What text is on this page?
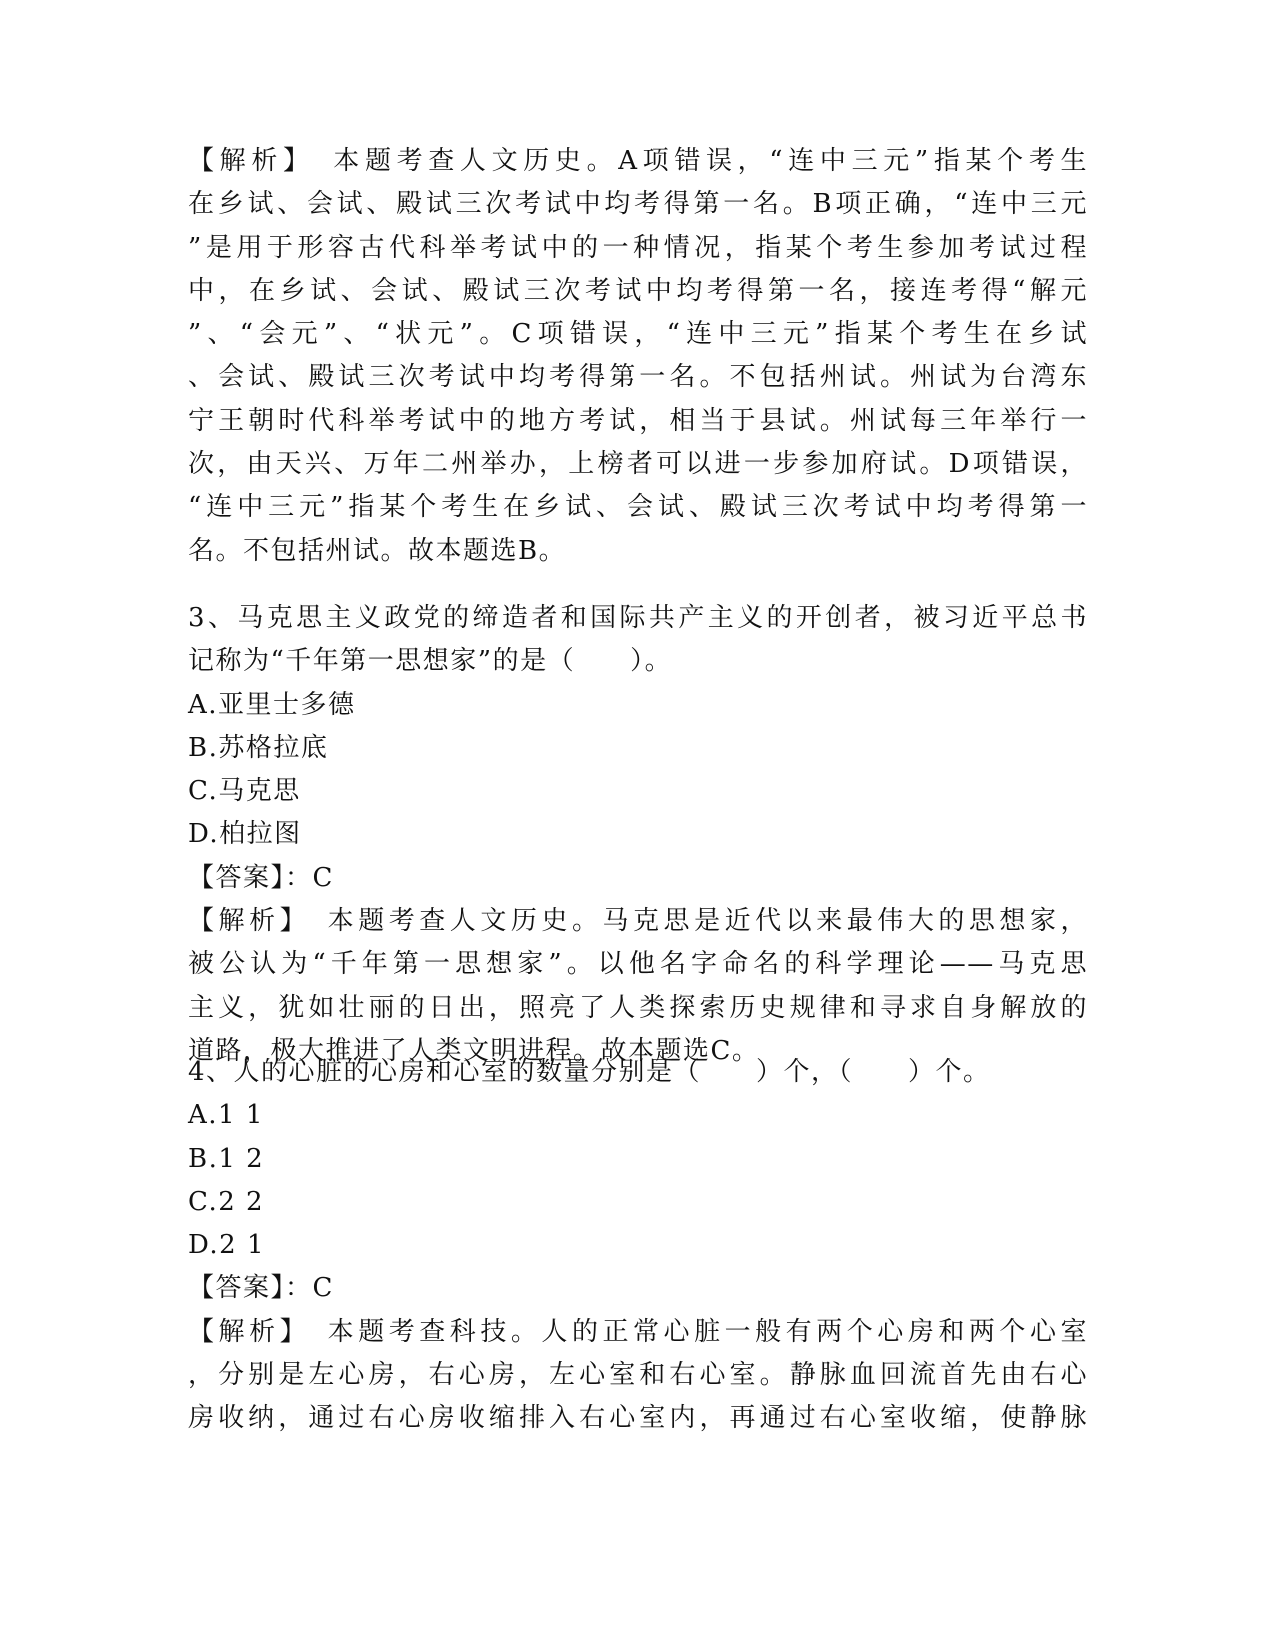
【解析】　本题考查人文历史。A项错误，“连中三元”指某个考生
在乡试、会试、殿试三次考试中均考得第一名。B项正确，“连中三元
”是用于形容古代科举考试中的一种情况，指某个考生参加考试过程
中，在乡试、会试、殿试三次考试中均考得第一名，接连考得“解元
”、“会元”、“状元”。C项错误，“连中三元”指某个考生在乡试
、会试、殿试三次考试中均考得第一名。不包括州试。州试为台湾东
宁王朝时代科举考试中的地方考试，相当于县试。州试每三年举行一
次，由天兴、万年二州举办，上榜者可以进一步参加府试。D项错误，
“连中三元”指某个考生在乡试、会试、殿试三次考试中均考得第一
名。不包括州试。故本题选B。
3、马克思主义政党的缔造者和国际共产主义的开创者，被习近平总书
记称为“千年第一思想家”的是（　　）。
A.亚里士多德
B.苏格拉底
C.马克思
D.柏拉图
【答案】：C
【解析】　本题考查人文历史。马克思是近代以来最伟大的思想家，
被公认为“千年第一思想家”。以他名字命名的科学理论——马克思
主义，犹如壮丽的日出，照亮了人类探索历史规律和寻求自身解放的
道路，极大推进了人类文明进程。故本题选C。
4、人的心脏的心房和心室的数量分别是（　　）个，（　　）个。
A.1 1
B.1 2
C.2 2
D.2 1
【答案】：C
【解析】　本题考查科技。人的正常心脏一般有两个心房和两个心室
，分别是左心房，右心房，左心室和右心室。静脉血回流首先由右心
房收纳，通过右心房收缩排入右心室内，再通过右心室收缩，使静脉
